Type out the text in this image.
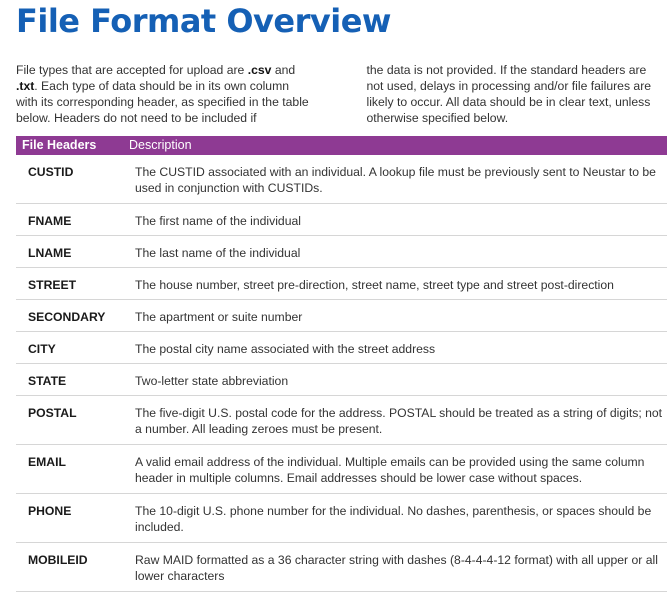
File Format Overview
File types that are accepted for upload are .csv and .txt. Each type of data should be in its own column with its corresponding header, as specified in the table below. Headers do not need to be included if
the data is not provided. If the standard headers are not used, delays in processing and/or file failures are likely to occur. All data should be in clear text, unless otherwise specified below.
File Headers	Description
CUSTID	The CUSTID associated with an individual. A lookup file must be previously sent to Neustar to be used in conjunction with CUSTIDs.
FNAME	The first name of the individual
LNAME	The last name of the individual
STREET	The house number, street pre-direction, street name, street type and street post-direction
SECONDARY	The apartment or suite number
CITY	The postal city name associated with the street address
STATE	Two-letter state abbreviation
POSTAL	The five-digit U.S. postal code for the address. POSTAL should be treated as a string of digits; not a number. All leading zeroes must be present.
EMAIL	A valid email address of the individual. Multiple emails can be provided using the same column header in multiple columns. Email addresses should be lower case without spaces.
PHONE	The 10-digit U.S. phone number for the individual. No dashes, parenthesis, or spaces should be included.
MOBILEID	Raw MAID formatted as a 36 character string with dashes (8-4-4-4-12 format) with all upper or all lower characters
